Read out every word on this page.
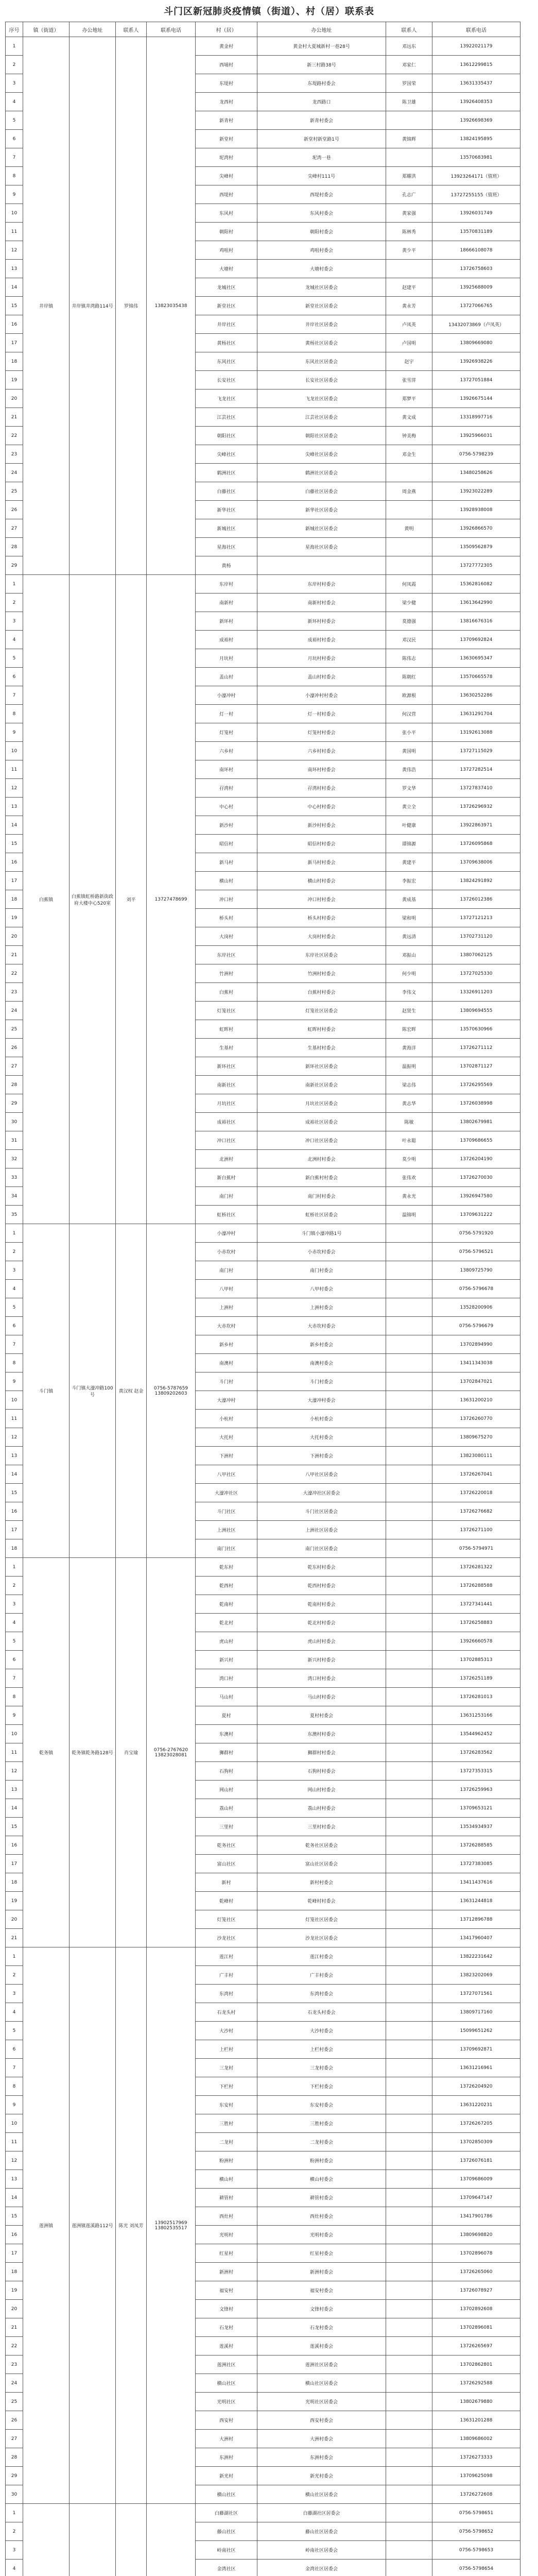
斗门区新冠肺炎疫情镇（街道）、村（居）联系表
序号	镇（街道）	办公地址	联系人	联系电话	村（居）	办公地址	联系人	联系电话
1	井岸镇	井岸镇井湾路114号	罗锦伟	13823035438	黄金村	黄金村大夏城新村一巷28号	邓远东	13922021179
2					西埔村	新三村路38号	邓家仁	13612299815
3					东堤村	东堤路村委会	罗国荣	13631335437
4					龙西村	龙西路口	陈卫雄	13926408353
5					新青村	新青村委会		13926698369
6					新堂村	新堂村新堂路1号	黄锦辉	13824195895
7					坭湾村	坭湾一巷		13570683981
8					尖峰村	尖峰村111号	郑耀洪	13923264171（值班）
9					西堤村	西堤村委会	孔志广	13727255155（值班）
10					东风村	东风村委会	黄家强	13926031749
11					朝阳村	朝阳村委会	陈林秀	13570831189
12					鸡咀村	鸡咀村委会	黄少平	18666108078
13					大塘村	大塘村委会		13726758603
14					龙城社区	龙城社区居委会	赵建平	13925688009
15					新堂社区	新堂社区居委会	黄永芳	13727066765
16					井岸社区	井岸社区居委会	卢凤英	13432073869（卢凤英）
17					黄杨社区	黄杨社区居委会	卢国明	13809669080
18					东风社区	东风社区居委会	赵宇	13926938226
19					长安社区	长安社区居委会	张雪萍	13727051884
20					飞龙社区	飞龙社区居委会	郑梦平	13926675144
21					江芸社区	江芸社区居委会	黄文成	13318997716
22					朝阳社区	朝阳社区居委会	钟美梅	13925966031
23					尖峰社区	尖峰社区居委会	邓金生	0756-5798239
24					鹤洲社区	鹤洲社区居委会		13480258626
25					白藤社区	白藤社区居委会	周金燕	13923022289
26					新华社区	新华社区居委会		13928938008
27					新城社区	新城社区居委会	黄明	13926866570
28					星海社区	星海社区居委会		13509562879
29					黄杨			13727772305
1	白蕉镇	白蕉镇虹桥路新街政府大楼中心520室	刘平	13727478699	东岸村	东岸村村委会	何凤霞	15362816082
2					南新村	南新村村委会	梁少健	13613642990
3					新环村	新环村村委会	莫德强	13816676316
4					成裕村	成裕村村委会	邓汉民	13709692824
5					月坑村	月坑村村委会	陈伟志	13630695347
6					盖山村	盖山村村委会	陈朝红	13570665578
7					小濠冲村	小濠冲村村委会	欧源根	13630252286
8					灯一村	灯一村村委会	何汉营	13631291704
9					灯笼村	灯笼村村委会	张小平	13192613088
10					六乡村	六乡村村委会	黄国明	13727115029
11					南环村	南环村村委会	黄伟浩	13727282514
12					孖湾村	孖湾村村委会	罗文华	13727837410
13					中心村	中心村村委会	黄立全	13726296932
14					新沙村	新沙村村委会	叶健康	13922863971
15					昭信村	昭信村村委会	谭锦源	13726095868
16					新马村	新马村村委会	黄建平	13709638006
17					横山村	横山村村委会	李振宏	13824291892
18					冲口村	冲口村村委会	黄成基	13726012386
19					桥头村	桥头村村委会	梁和明	13727121213
20					大岗村	大岗村村委会	黄远清	13702731120
21					东岸社区	东岸社区居委会	邓振山	13807062125
22					竹洲村	竹洲村村委会	何少明	13727025330
23					白蕉村	白蕉村村委会	李伟文	13326911203
24					灯笼社区	灯笼社区居委会	赵贤生	13809694555
25					虹晖村	虹晖村村委会	陈宏晖	13570630966
26					生基村	生基村村委会	黄海洋	13726271112
27					新环社区	新环社区居委会	温振明	13702871127
28					南新社区	南新社区居委会	梁志伟	13726295569
29					月坑社区	月坑社区居委会	黄志华	13726038998
30					成裕社区	成裕社区居委会	陈敏	13802679981
31					冲口社区	冲口社区居委会	叶永聪	13709686655
32					北洲村	北洲村村委会	莫少明	13726204190
33					新白蕉村	新白蕉村村委会	张伟欢	13726270030
34					南门村	南门村村委会	黄永光	13926947580
35					虹桥社区	虹桥社区居委会	温锦明	13709631222
1	斗门镇	斗门镇大濠冲路100号	黄汉权 赵金	0756-5787659 13809202603	小濠冲村	斗门镇小濠冲路1号		0756-5791920
2					小赤坎村	小赤坎村委会		0756-5796521
3					南门村	南门村委会		13809725790
4					八甲村	八甲村委会		0756-5796678
5					上洲村	上洲村委会		13528200906
6					大赤坎村	大赤坎村委会		0756-5796679
7					新乡村	新乡村委会		13702894990
8					南澳村	南澳村委会		13411343038
9					斗门村	斗门村委会		13702847021
10					大濠冲村	大濠冲村委会		13631200210
11					小杭村	小杭村委会		13726260770
12					大托村	大托村委会		13809675270
13					下洲村	下洲村委会		13823080111
14					八甲社区	八甲社区居委会		13726267041
15					大濠冲社区	大濠冲社区居委会		13726220018
16					斗门社区	斗门社区居委会		13726276682
17					上洲社区	上洲社区居委会		13726271100
18					南门社区	南门社区居委会		0756-5794971
1	乾务镇	乾务镇乾务路128号	肖宝瑜	0756-2767620 13823028081	乾东村	乾东村村委会		13726281322
2					乾西村	乾西村村委会		13726288588
3					乾南村	乾南村村委会		13727341441
4					乾北村	乾北村村委会		13726258883
5					虎山村	虎山村村委会		13926660578
6					新兴村	新兴村村委会		13702885313
7					湾口村	湾口村村委会		13726251189
8					马山村	马山村村委会		13726281013
9					夏村	夏村村委会		13631253166
10					东澳村	东澳村村委会		13544962452
11					狮群村	狮群村村委会		13726283562
12					石狗村	石狗村村委会		13727353315
13					网山村	网山村村委会		13726259963
14					荔山村	荔山村村委会		13709653121
15					三里村	三里村村委会		13534934937
16					乾务社区	乾务社区居委会		13726288585
17					富山社区	富山社区居委会		13727383085
18					新村	新村村委会		13411437616
19					乾峰村	乾峰村村委会		13631244818
20					灯笼社区	灯笼社区居委会		13712896788
21					沙龙社区	沙龙社区居委会		13417960407
1	莲洲镇	莲洲镇莲溪路112号	陈光 刘凤芳	13902517969 13802535517	莲江村	莲江村委会		13822231642
2					广丰村	广丰村委会		13823202069
3					东湾村	东湾村委会		13727071561
4					石龙头村	石龙头村委会		13809717160
5					大沙村	大沙村委会		15099651262
6					上栏村	上栏村委会		13709692871
7					三龙村	三龙村委会		13631216961
8					下栏村	下栏村委会		13726204920
9					东安村	东安村委会		13631220231
10					三胜村	三胜村委会		13726267205
11					二龙村	二龙村委会		13702850309
12					粉洲村	粉洲村委会		13726076181
13					横山村	横山村委会		13709686009
14					耕管村	耕管村委会		13709647147
15					西灶村	西灶村委会		13417901786
16					光明村	光明村委会		13809698820
17					红星村	红星村委会		13702896078
18					新洲村	新洲村委会		13726265060
19					福安村	福安村委会		13726078927
20					文锋村	文锋村委会		13702892608
21					石龙村	石龙村委会		13702896081
22					莲溪村	莲溪村委会		13726265697
23					莲洲社区	莲洲社区居委会		13702862801
24					横山社区	横山社区居委会		13726292588
25					光明社区	光明社区居委会		13802679880
26					西安村	西安村委会		13631201288
27					大洲村	大洲村委会		13809686002
28					东洲村	东洲村委会		13726273333
29					新光村	新光村委会		13709625098
30					横山社区	横山社区居委会		13726272608
1					白藤湖社区	白藤湖社区居委会		0756-5798651
2					藤山社区	藤山社区居委会		0756-5798652
3					岭南社区	岭南社区居委会		0756-5798653
4					金湾社区	金湾社区居委会		0756-5798654
